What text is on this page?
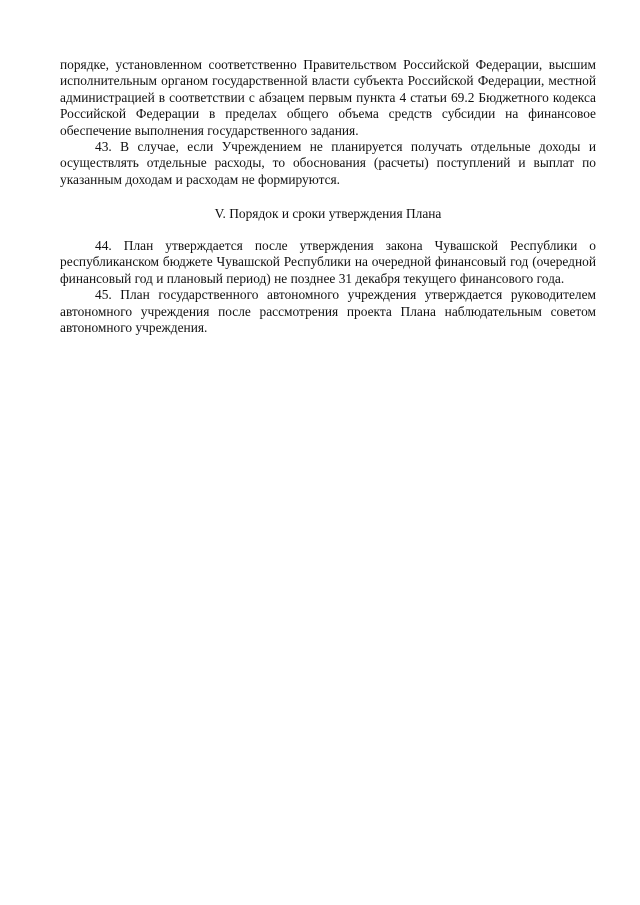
порядке, установленном соответственно Правительством Российской Федерации, высшим исполнительным органом государственной власти субъекта Российской Федерации, местной администрацией в соответствии с абзацем первым пункта 4 статьи 69.2 Бюджетного кодекса Российской Федерации в пределах общего объема средств субсидии на финансовое обеспечение выполнения государственного задания.

43. В случае, если Учреждением не планируется получать отдельные доходы и осуществлять отдельные расходы, то обоснования (расчеты) поступлений и выплат по указанным доходам и расходам не формируются.

V. Порядок и сроки утверждения Плана

44. План утверждается после утверждения закона Чувашской Республики о республиканском бюджете Чувашской Республики на очередной финансовый год (очередной финансовый год и плановый период) не позднее 31 декабря текущего финансового года.

45. План государственного автономного учреждения утверждается руководителем автономного учреждения после рассмотрения проекта Плана наблюдательным советом автономного учреждения.
